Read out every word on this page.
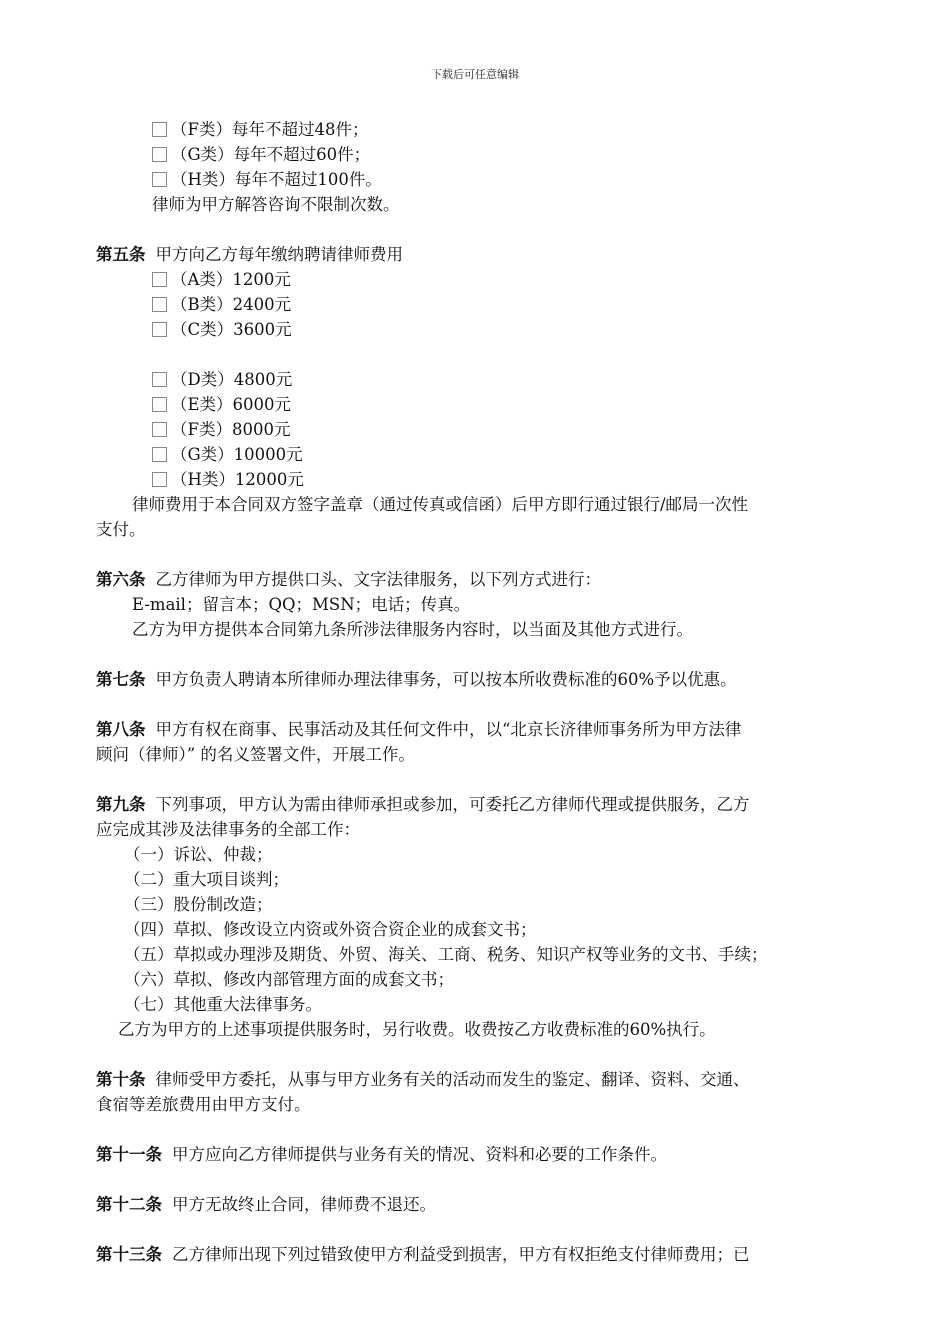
下载后可任意编辑
（F类）每年不超过48件；
（G类）每年不超过60件；
（H类）每年不超过100件。
律师为甲方解答咨询不限制次数。
第五条 甲方向乙方每年缴纳聘请律师费用
（A类）1200元
（B类）2400元
（C类）3600元
（D类）4800元
（E类）6000元
（F类）8000元
（G类）10000元
（H类）12000元
律师费用于本合同双方签字盖章（通过传真或信函）后甲方即行通过银行/邮局一次性
支付。
第六条 乙方律师为甲方提供口头、文字法律服务，以下列方式进行：
E-mail；留言本；QQ；MSN；电话；传真。
乙方为甲方提供本合同第九条所涉法律服务内容时，以当面及其他方式进行。
第七条 甲方负责人聘请本所律师办理法律事务，可以按本所收费标准的60%予以优惠。
第八条 甲方有权在商事、民事活动及其任何文件中，以“北京长济律师事务所为甲方法律
顾问（律师）” 的名义签署文件，开展工作。
第九条 下列事项，甲方认为需由律师承担或参加，可委托乙方律师代理或提供服务，乙方
应完成其涉及法律事务的全部工作：
（一）诉讼、仲裁；
（二）重大项目谈判；
（三）股份制改造；
（四）草拟、修改设立内资或外资合资企业的成套文书；
（五）草拟或办理涉及期货、外贸、海关、工商、税务、知识产权等业务的文书、手续；
（六）草拟、修改内部管理方面的成套文书；
（七）其他重大法律事务。
乙方为甲方的上述事项提供服务时，另行收费。收费按乙方收费标准的60%执行。
第十条 律师受甲方委托，从事与甲方业务有关的活动而发生的鉴定、翻译、资料、交通、
食宿等差旅费用由甲方支付。
第十一条 甲方应向乙方律师提供与业务有关的情况、资料和必要的工作条件。
第十二条 甲方无故终止合同，律师费不退还。
第十三条 乙方律师出现下列过错致使甲方利益受到损害，甲方有权拒绝支付律师费用；已
